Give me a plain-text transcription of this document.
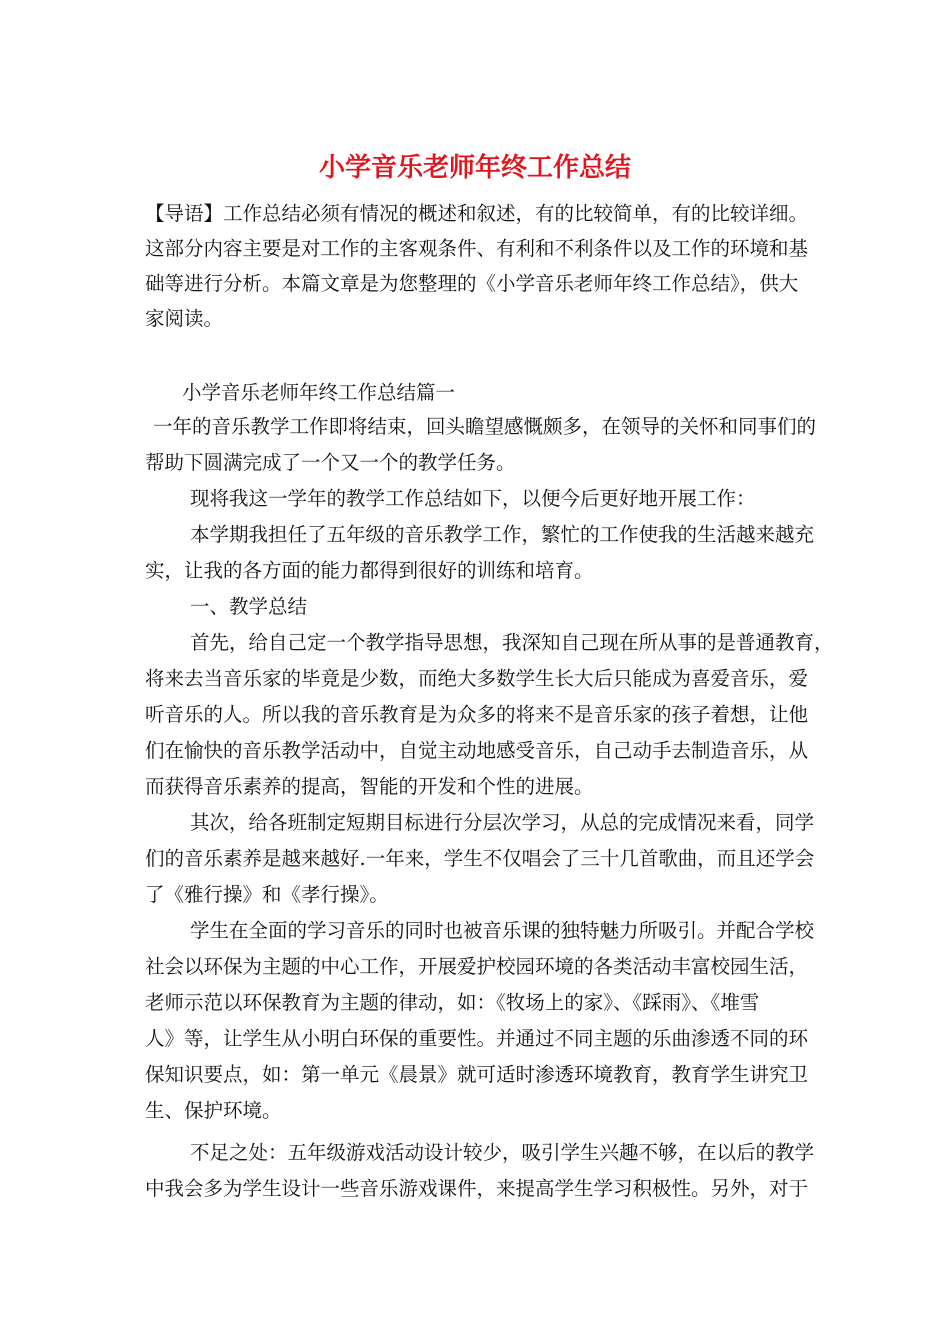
小学音乐老师年终工作总结

【导语】工作总结必须有情况的概述和叙述，有的比较简单，有的比较详细。

这部分内容主要是对工作的主客观条件、有利和不利条件以及工作的环境和基

础等进行分析。本篇文章是为您整理的《小学音乐老师年终工作总结》，供大

家阅读。

小学音乐老师年终工作总结篇一

一年的音乐教学工作即将结束，回头瞻望感慨颇多，在领导的关怀和同事们的

帮助下圆满完成了一个又一个的教学任务。

现将我这一学年的教学工作总结如下，以便今后更好地开展工作：

本学期我担任了五年级的音乐教学工作，繁忙的工作使我的生活越来越充

实，让我的各方面的能力都得到很好的训练和培育。

一、教学总结

首先，给自己定一个教学指导思想，我深知自己现在所从事的是普通教育，

将来去当音乐家的毕竟是少数，而绝大多数学生长大后只能成为喜爱音乐，爱

听音乐的人。所以我的音乐教育是为众多的将来不是音乐家的孩子着想，让他

们在愉快的音乐教学活动中，自觉主动地感受音乐，自己动手去制造音乐，从

而获得音乐素养的提高，智能的开发和个性的进展。

其次，给各班制定短期目标进行分层次学习，从总的完成情况来看，同学

们的音乐素养是越来越好.一年来，学生不仅唱会了三十几首歌曲，而且还学会

了《雅行操》和《孝行操》。

学生在全面的学习音乐的同时也被音乐课的独特魅力所吸引。并配合学校

社会以环保为主题的中心工作，开展爱护校园环境的各类活动丰富校园生活，

老师示范以环保教育为主题的律动，如：《牧场上的家》、《踩雨》、《堆雪

人》等，让学生从小明白环保的重要性。并通过不同主题的乐曲渗透不同的环

保知识要点，如：第一单元《晨景》就可适时渗透环境教育，教育学生讲究卫

生、保护环境。

不足之处：五年级游戏活动设计较少，吸引学生兴趣不够，在以后的教学

中我会多为学生设计一些音乐游戏课件，来提高学生学习积极性。另外，对于
